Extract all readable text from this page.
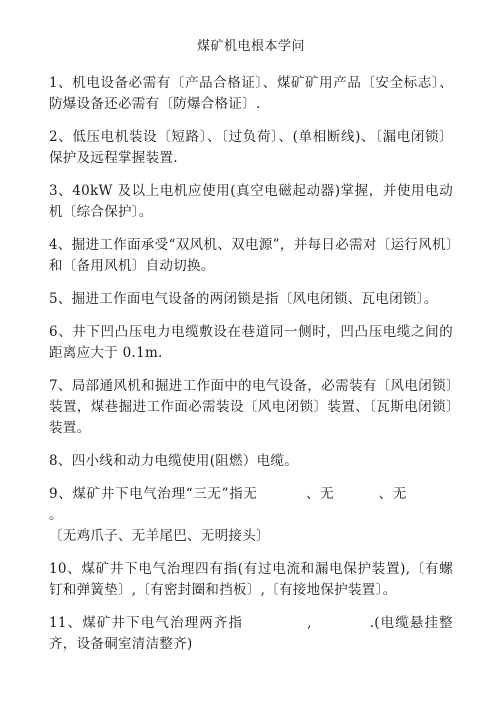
煤矿机电根本学问

1、机电设备必需有〔产品合格证〕、煤矿矿用产品〔安全标志〕、防爆设备还必需有〔防爆合格证〕.

2、低压电机装设〔短路〕、〔过负荷〕、(单相断线)、〔漏电闭锁〕保护及远程掌握装置.

3、40kW 及以上电机应使用(真空电磁起动器)掌握，并使用电动机〔综合保护〕。

4、掘进工作面承受“双风机、双电源”，并每日必需对〔运行风机〕和〔备用风机〕自动切换。

5、掘进工作面电气设备的两闭锁是指〔风电闭锁、瓦电闭锁〕。

6、井下凹凸压电力电缆敷设在巷道同一侧时，凹凸压电缆之间的距离应大于 0.1m.

7、局部通风机和掘进工作面中的电气设备，必需装有〔风电闭锁〕装置，煤巷掘进工作面必需装设〔风电闭锁〕装置、〔瓦斯电闭锁〕装置。

8、四小线和动力电缆使用(阻燃）电缆。

9、煤矿井下电气治理“三无”指无	、无	、无。
〔无鸡爪子、无羊尾巴、无明接头〕

10、煤矿井下电气治理四有指(有过电流和漏电保护装置),〔有螺钉和弹簧垫〕,〔有密封圈和挡板〕,〔有接地保护装置〕。

11、煤矿井下电气治理两齐指	,	.(电缆悬挂整齐，设备硐室清洁整齐)
